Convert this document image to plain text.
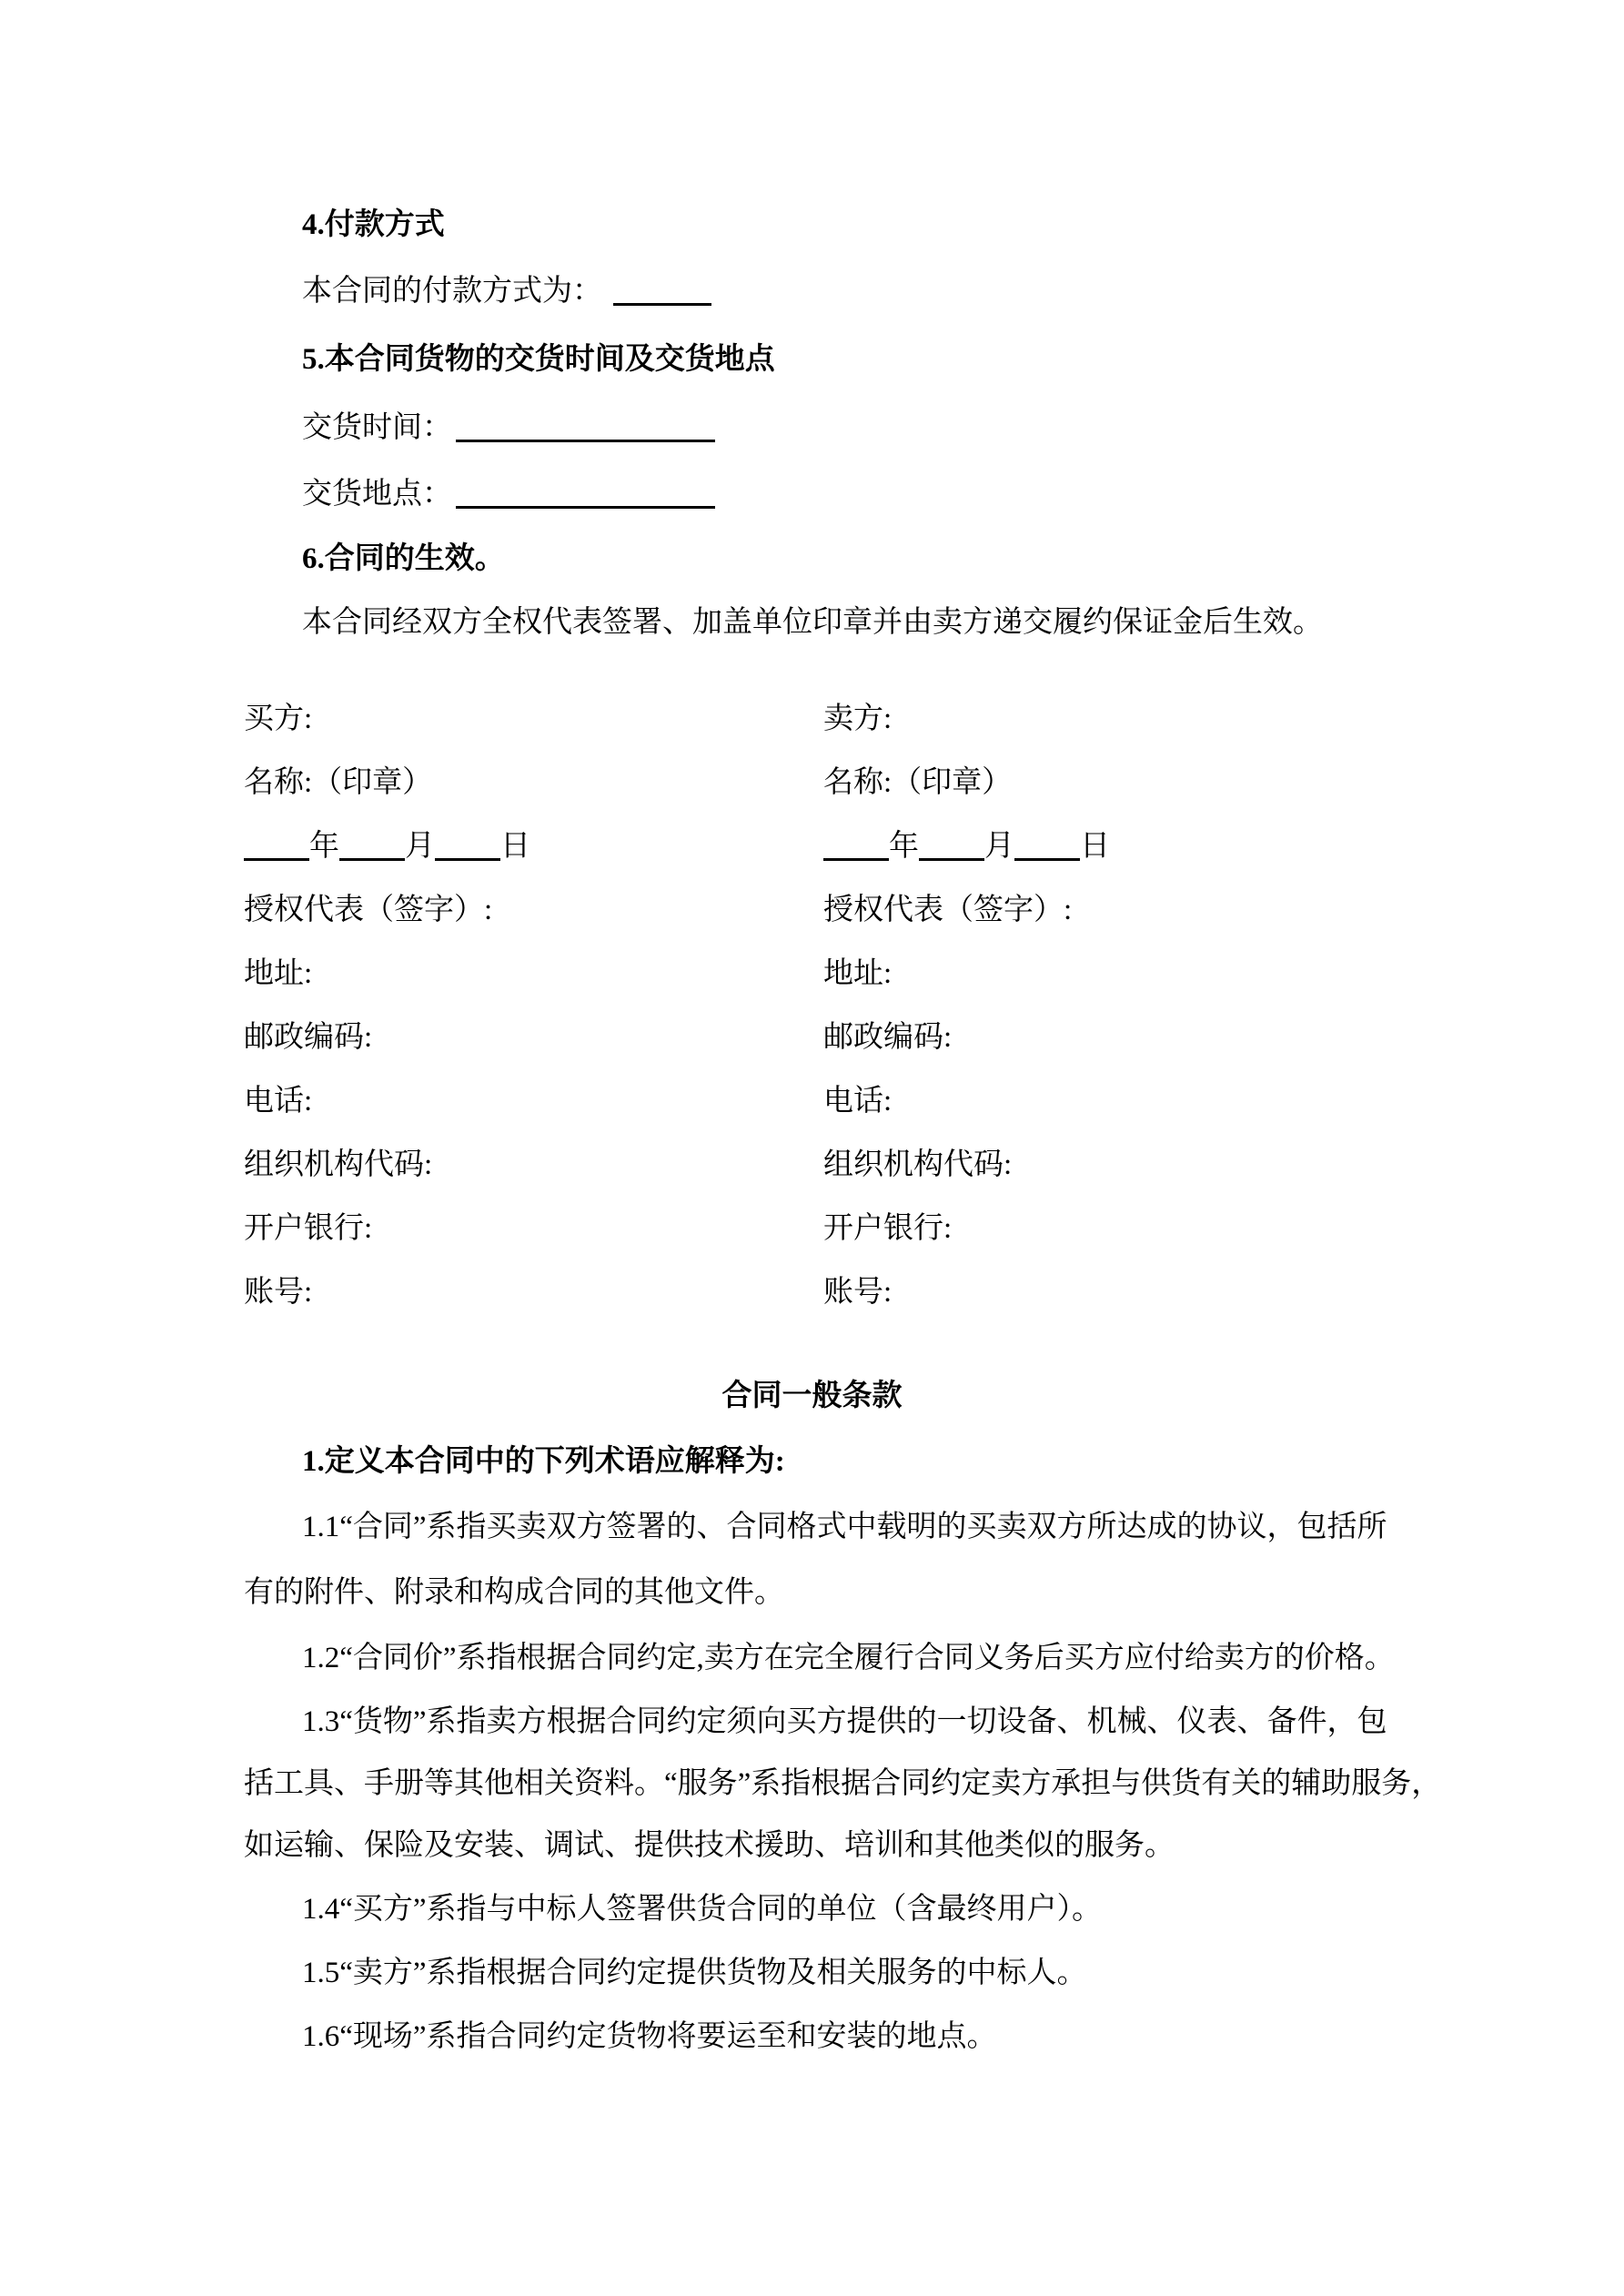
4.付款方式
本合同的付款方式为：
5.本合同货物的交货时间及交货地点
交货时间：
交货地点：
6.合同的生效。
本合同经双方全权代表签署、加盖单位印章并由卖方递交履约保证金后生效。
买方:
名称:（印章）
年 月 日
授权代表（签字）:
地址:
邮政编码:
电话:
组织机构代码:
开户银行:
账号:
卖方:
名称:（印章）
年 月 日
授权代表（签字）:
地址:
邮政编码:
电话:
组织机构代码:
开户银行:
账号:
合同一般条款
1.定义本合同中的下列术语应解释为:
1.1“合同”系指买卖双方签署的、合同格式中载明的买卖双方所达成的协议，包括所
有的附件、附录和构成合同的其他文件。
1.2“合同价”系指根据合同约定,卖方在完全履行合同义务后买方应付给卖方的价格。
1.3“货物”系指卖方根据合同约定须向买方提供的一切设备、机械、仪表、备件，包
括工具、手册等其他相关资料。“服务”系指根据合同约定卖方承担与供货有关的辅助服务，
如运输、保险及安装、调试、提供技术援助、培训和其他类似的服务。
1.4“买方”系指与中标人签署供货合同的单位（含最终用户）。
1.5“卖方”系指根据合同约定提供货物及相关服务的中标人。
1.6“现场”系指合同约定货物将要运至和安装的地点。
